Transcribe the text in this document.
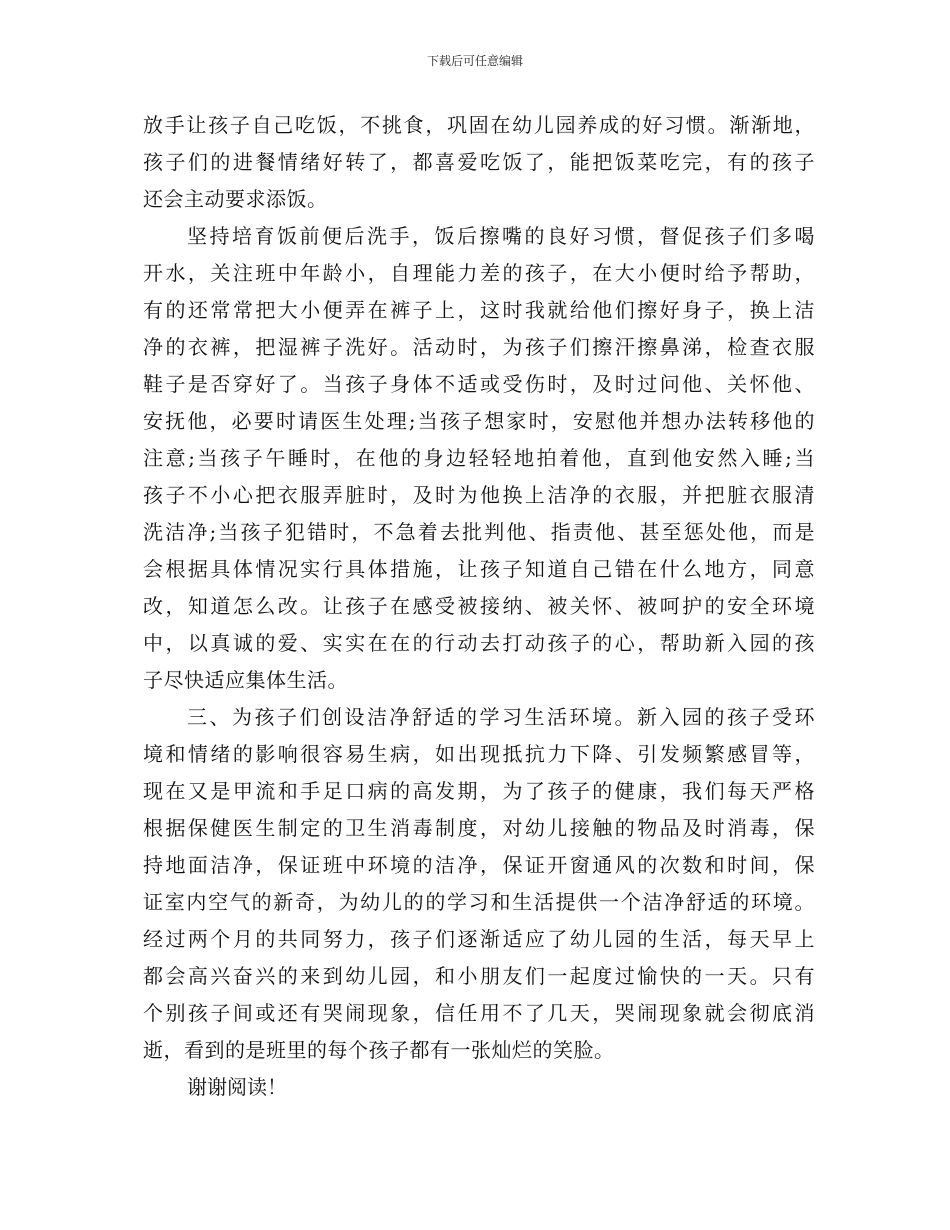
下载后可任意编辑
放手让孩子自己吃饭，不挑食，巩固在幼儿园养成的好习惯。渐渐地，
孩子们的进餐情绪好转了，都喜爱吃饭了，能把饭菜吃完，有的孩子
还会主动要求添饭。
坚持培育饭前便后洗手，饭后擦嘴的良好习惯，督促孩子们多喝
开水，关注班中年龄小，自理能力差的孩子，在大小便时给予帮助，
有的还常常把大小便弄在裤子上，这时我就给他们擦好身子，换上洁
净的衣裤，把湿裤子洗好。活动时，为孩子们擦汗擦鼻涕，检查衣服
鞋子是否穿好了。当孩子身体不适或受伤时，及时过问他、关怀他、
安抚他，必要时请医生处理;当孩子想家时，安慰他并想办法转移他的
注意;当孩子午睡时，在他的身边轻轻地拍着他，直到他安然入睡;当
孩子不小心把衣服弄脏时，及时为他换上洁净的衣服，并把脏衣服清
洗洁净;当孩子犯错时，不急着去批判他、指责他、甚至惩处他，而是
会根据具体情况实行具体措施，让孩子知道自己错在什么地方，同意
改，知道怎么改。让孩子在感受被接纳、被关怀、被呵护的安全环境
中，以真诚的爱、实实在在的行动去打动孩子的心，帮助新入园的孩
子尽快适应集体生活。
三、为孩子们创设洁净舒适的学习生活环境。新入园的孩子受环
境和情绪的影响很容易生病，如出现抵抗力下降、引发频繁感冒等，
现在又是甲流和手足口病的高发期，为了孩子的健康，我们每天严格
根据保健医生制定的卫生消毒制度，对幼儿接触的物品及时消毒，保
持地面洁净，保证班中环境的洁净，保证开窗通风的次数和时间，保
证室内空气的新奇，为幼儿的的学习和生活提供一个洁净舒适的环境。
经过两个月的共同努力，孩子们逐渐适应了幼儿园的生活，每天早上
都会高兴奋兴的来到幼儿园，和小朋友们一起度过愉快的一天。只有
个别孩子间或还有哭闹现象，信任用不了几天，哭闹现象就会彻底消
逝，看到的是班里的每个孩子都有一张灿烂的笑脸。
谢谢阅读！
